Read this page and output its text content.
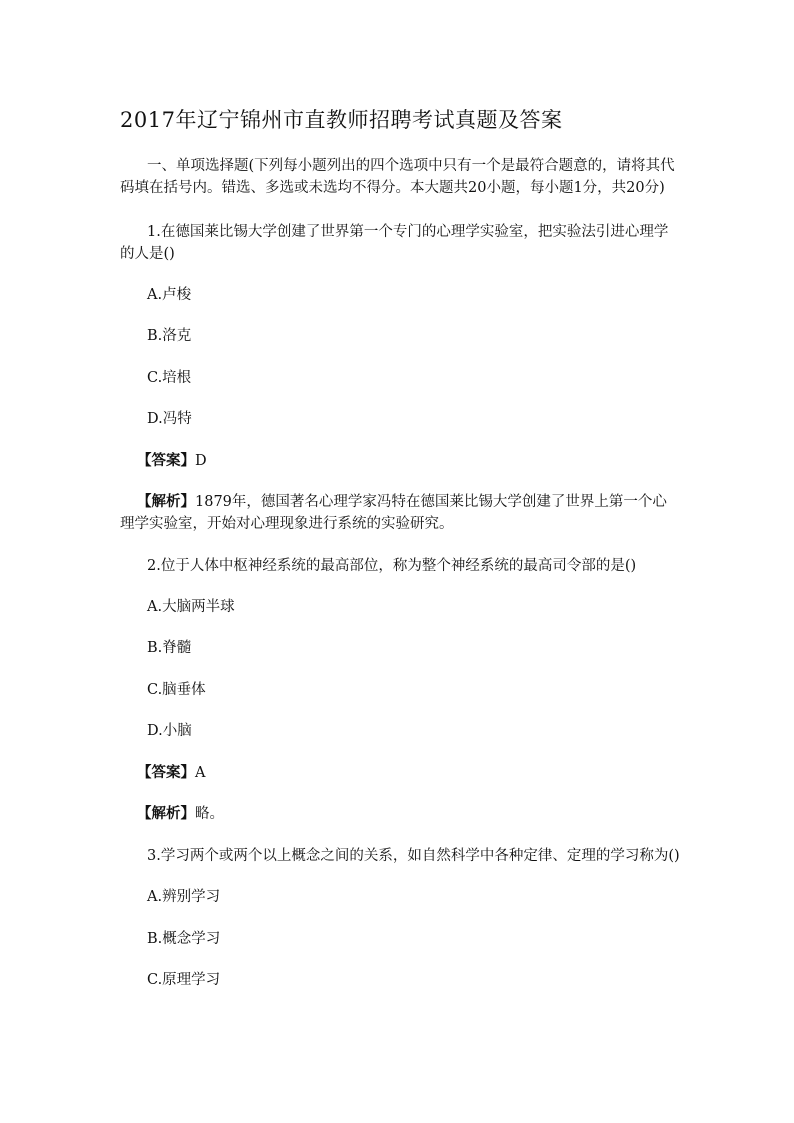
2017年辽宁锦州市直教师招聘考试真题及答案
一、单项选择题(下列每小题列出的四个选项中只有一个是最符合题意的，请将其代码填在括号内。错选、多选或未选均不得分。本大题共20小题，每小题1分，共20分)
1.在德国莱比锡大学创建了世界第一个专门的心理学实验室，把实验法引进心理学的人是()
A.卢梭
B.洛克
C.培根
D.冯特
【答案】D
【解析】1879年，德国著名心理学家冯特在德国莱比锡大学创建了世界上第一个心理学实验室，开始对心理现象进行系统的实验研究。
2.位于人体中枢神经系统的最高部位，称为整个神经系统的最高司令部的是()
A.大脑两半球
B.脊髓
C.脑垂体
D.小脑
【答案】A
【解析】略。
3.学习两个或两个以上概念之间的关系，如自然科学中各种定律、定理的学习称为()
A.辨别学习
B.概念学习
C.原理学习
